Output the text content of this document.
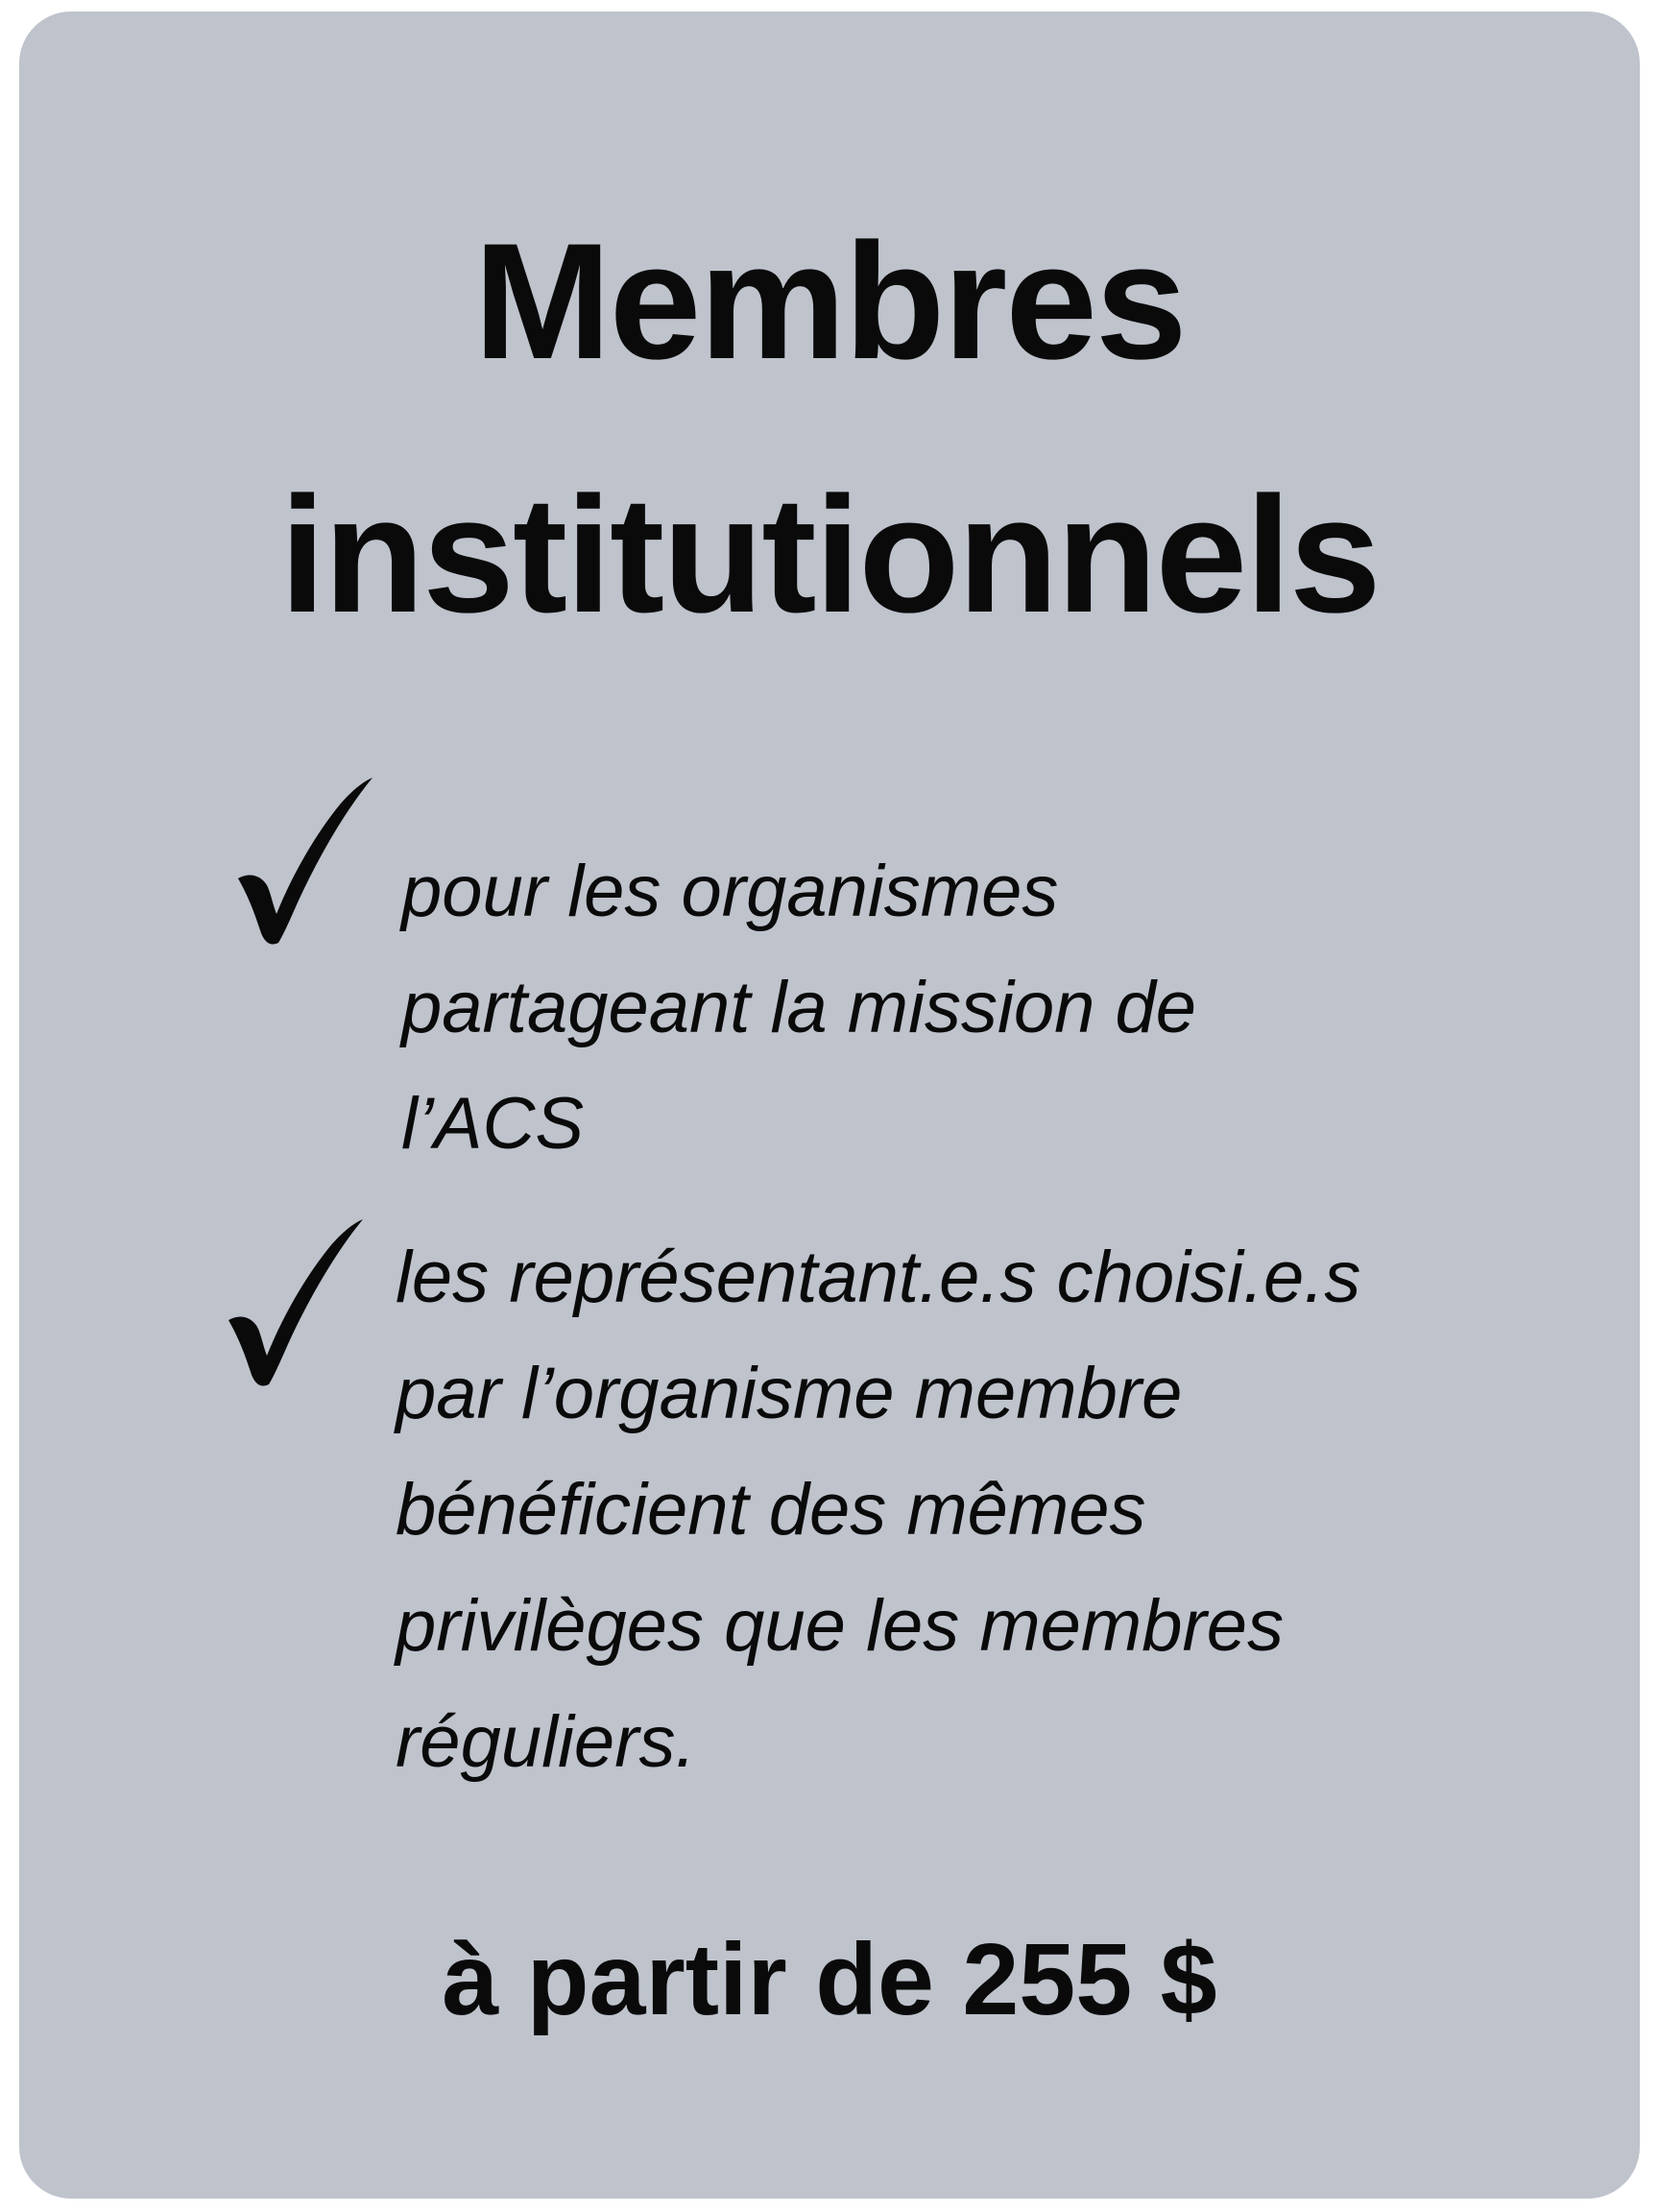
Membres
institutionnels
pour les organismes
partageant la mission de
l’ACS
les représentant.e.s choisi.e.s
par l’organisme membre
bénéficient des mêmes
privilèges que les membres
réguliers.
à partir de 255 $
